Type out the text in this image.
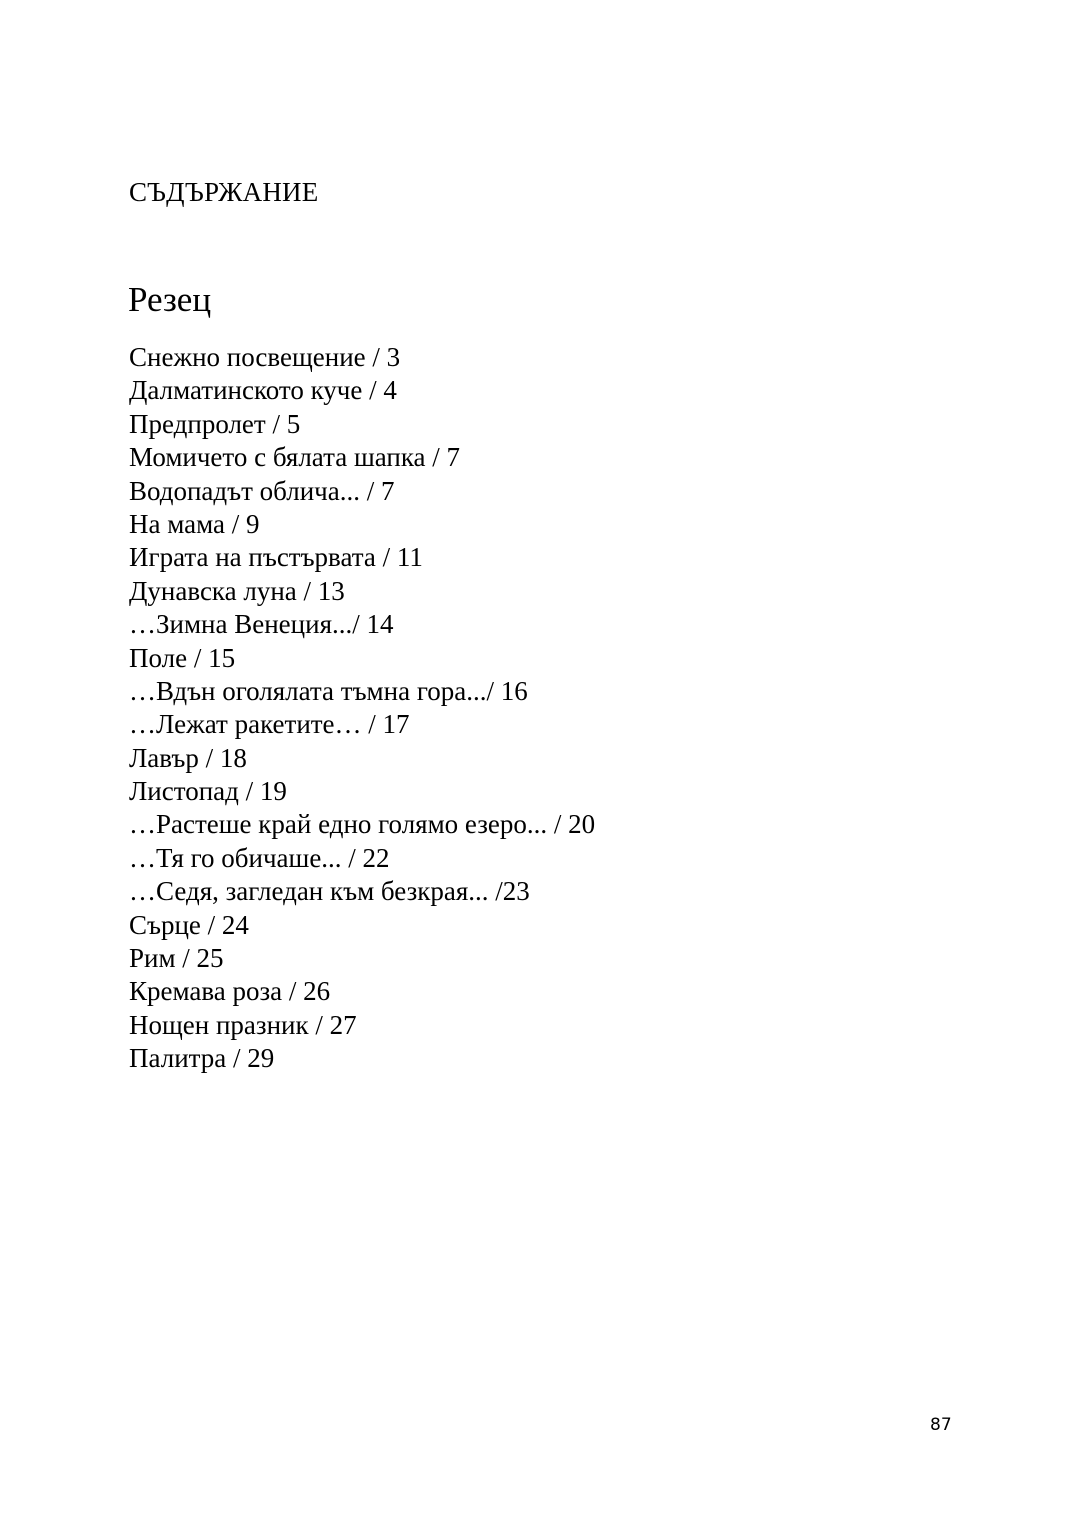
СЪДЪРЖАНИЕ
Резец
Снежно посвещение / 3
Далматинското куче / 4
Предпролет / 5
Момичето с бялата шапка / 7
Водопадът облича... / 7
На мама / 9
Играта на пъстървата / 11
Дунавска луна / 13
…Зимна Венеция.../ 14
Поле / 15
…Вдън оголялата тъмна гора.../ 16
…Лежат ракетите… / 17
Лавър / 18
Листопад / 19
…Растеше край едно голямо езеро... / 20
…Тя го обичаше... / 22
…Седя, загледан към безкрая... /23
Сърце / 24
Рим / 25
Кремава роза / 26
Нощен празник / 27
Палитра / 29
87
